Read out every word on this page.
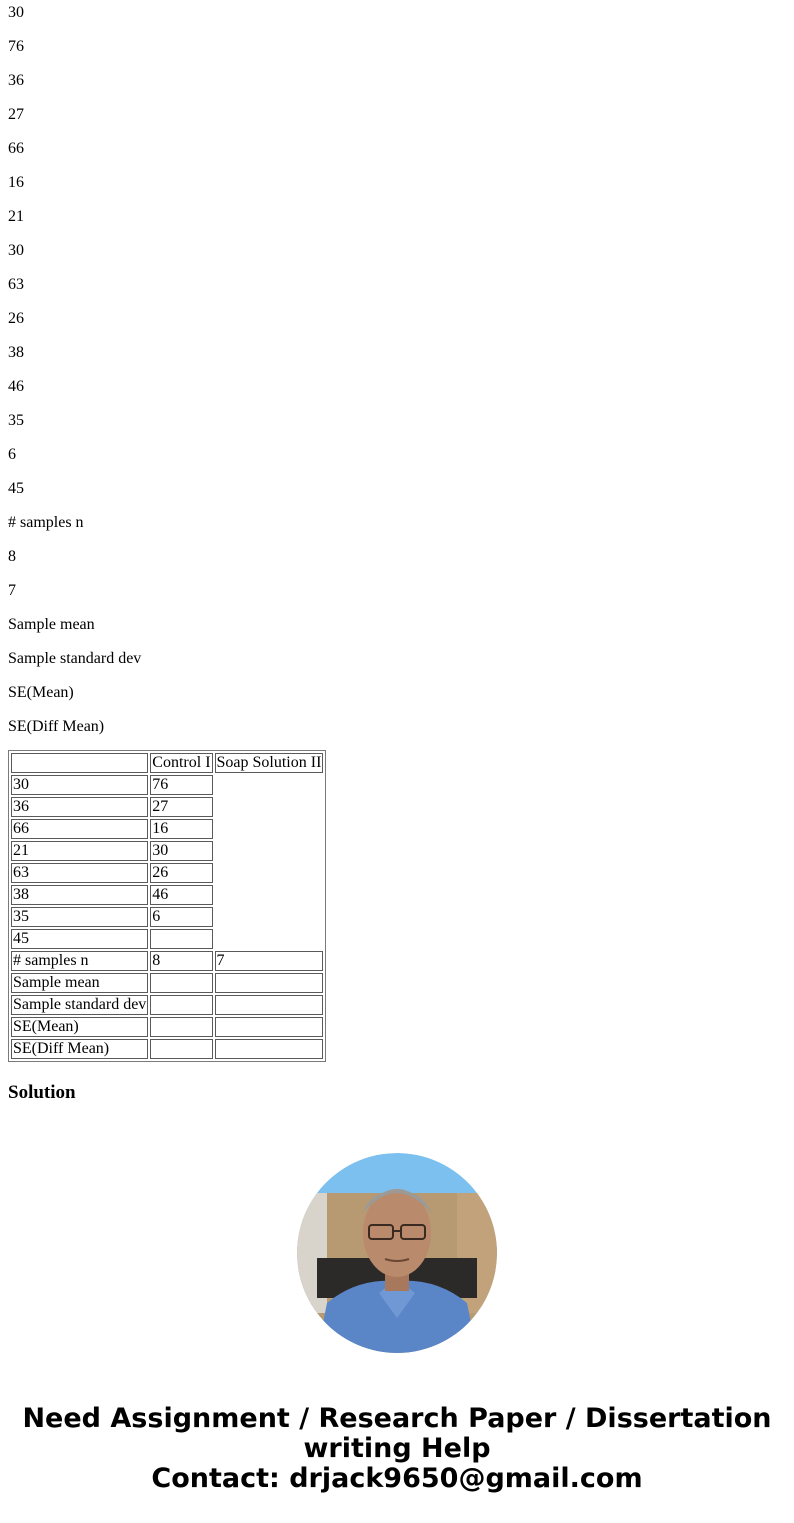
30

76

36

27

66

16

21

30

63

26

38

46

35

6

45

# samples n

8

7

Sample mean

Sample standard dev

SE(Mean)

SE(Diff Mean)

	Control I	Soap Solution II
30	76	
36	27	
66	16	
21	30	
63	26	
38	46	
35	6	
45		
# samples n	8	7
Sample mean		
Sample standard dev		
SE(Mean)		
SE(Diff Mean)		
Solution
Need Assignment / Research Paper / Dissertation
writing Help
Contact: drjack9650@gmail.com
